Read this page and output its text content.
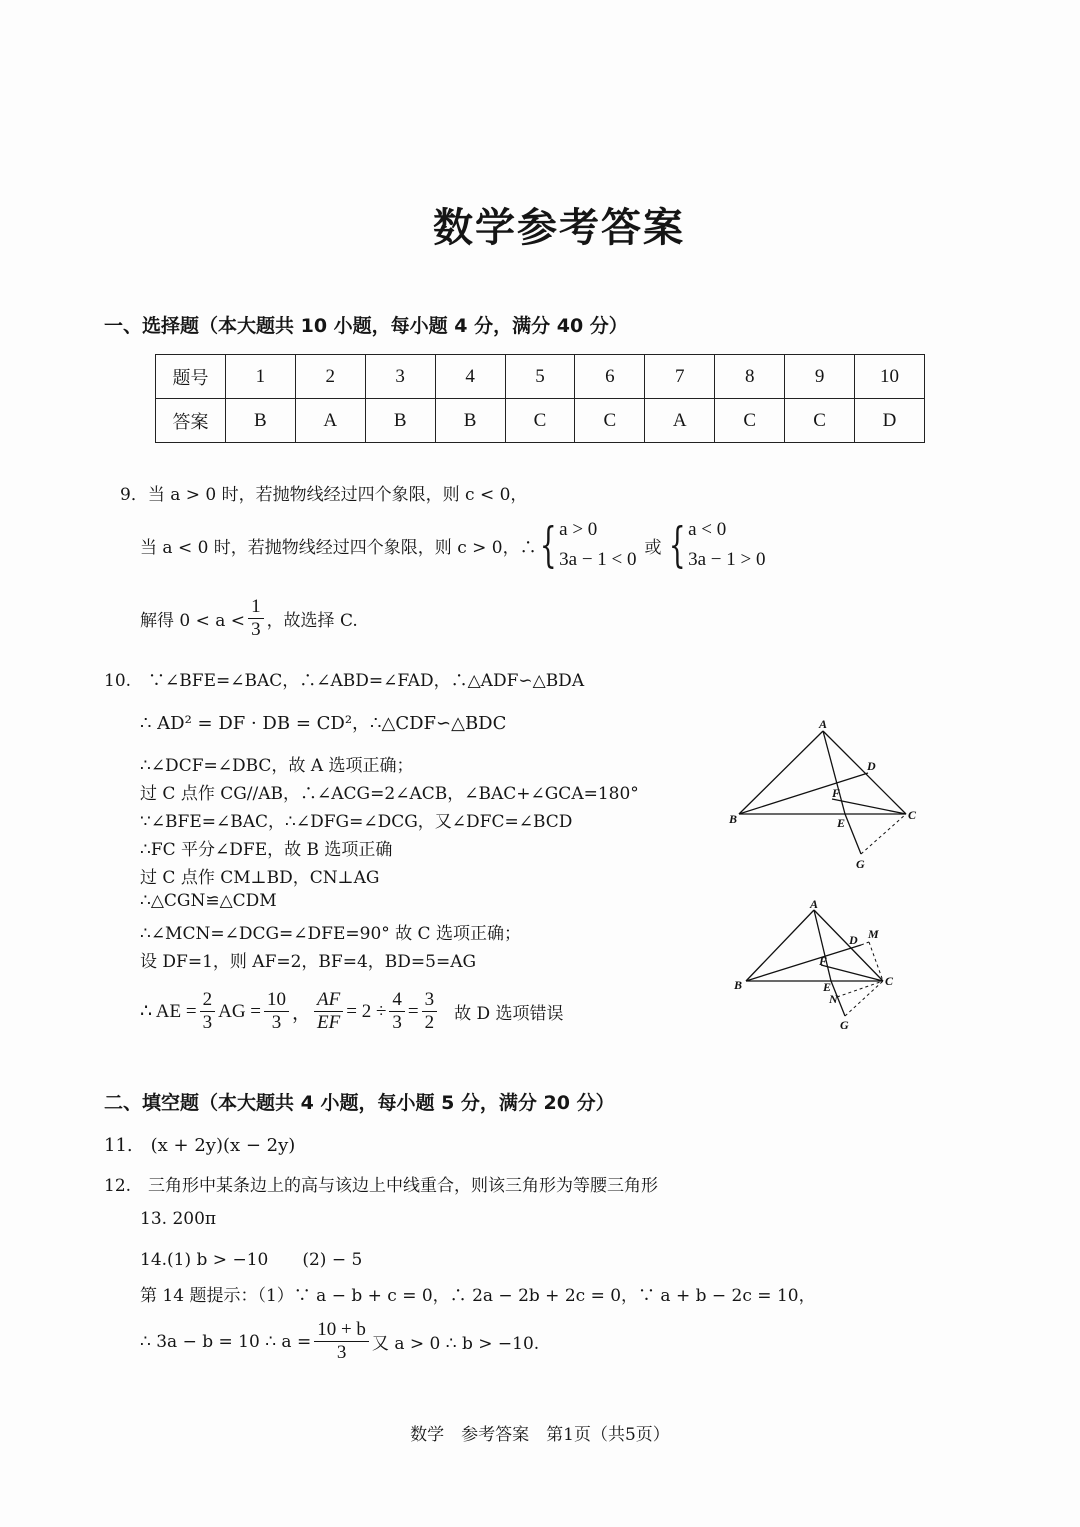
数学参考答案
一、选择题（本大题共 10 小题，每小题 4 分，满分 40 分）
题号	1	2	3	4	5	6	7	8	9	10
答案	B	A	B	B	C	C	A	C	C	D
9．当 a > 0 时，若抛物线经过四个象限，则 c < 0，
当 a < 0 时，若抛物线经过四个象限，则 c > 0，∴ { a > 0
3a − 1 < 0
或 { a < 0
3a − 1 > 0
解得 $0 < a < \frac{1}{3}$ ，故选择 C.
10.　∵∠BFE=∠BAC，∴∠ABD=∠FAD，∴△ADF∽△BDA
∴ AD² = DF · DB = CD²，∴△CDF∽△BDC
∴∠DCF=∠DBC，故 A 选项正确；
过 C 点作 CG//AB，∴∠ACG=2∠ACB，∠BAC+∠GCA=180°
∵∠BFE=∠BAC，∴∠DFG=∠DCG，又∠DFC=∠BCD
∴FC 平分∠DFE，故 B 选项正确
过 C 点作 CM⊥BD，CN⊥AG
∴△CGN≌△CDM
∴∠MCN=∠DCG=∠DFE=90° 故 C 选项正确；
设 DF=1，则 AF=2，BF=4，BD=5=AG
∴ AE = $\frac{2}{3}$ AG = $\frac{10}{3}$ ， $\frac{AF}{EF} = 2 \div \frac{4}{3} = \frac{3}{2}$ 故 D 选项错误
A
B	C
D
F
E
G
A
B	C
D M
F
E
N
G
二、填空题（本大题共 4 小题，每小题 5 分，满分 20 分）
11.　(x + 2y)(x − 2y)
12.　三角形中某条边上的高与该边上中线重合，则该三角形为等腰三角形
13. 200π
14.(1) b > −10　　(2) − 5
第 14 题提示：（1）∵ a − b + c = 0，∴ 2a − 2b + 2c = 0，∵ a + b − 2c = 10，
∴ 3a − b = 10 ∴ $a = \frac{10 + b}{3}$ 又 a > 0 ∴ b > −10.
数学　参考答案　第1页（共5页）
